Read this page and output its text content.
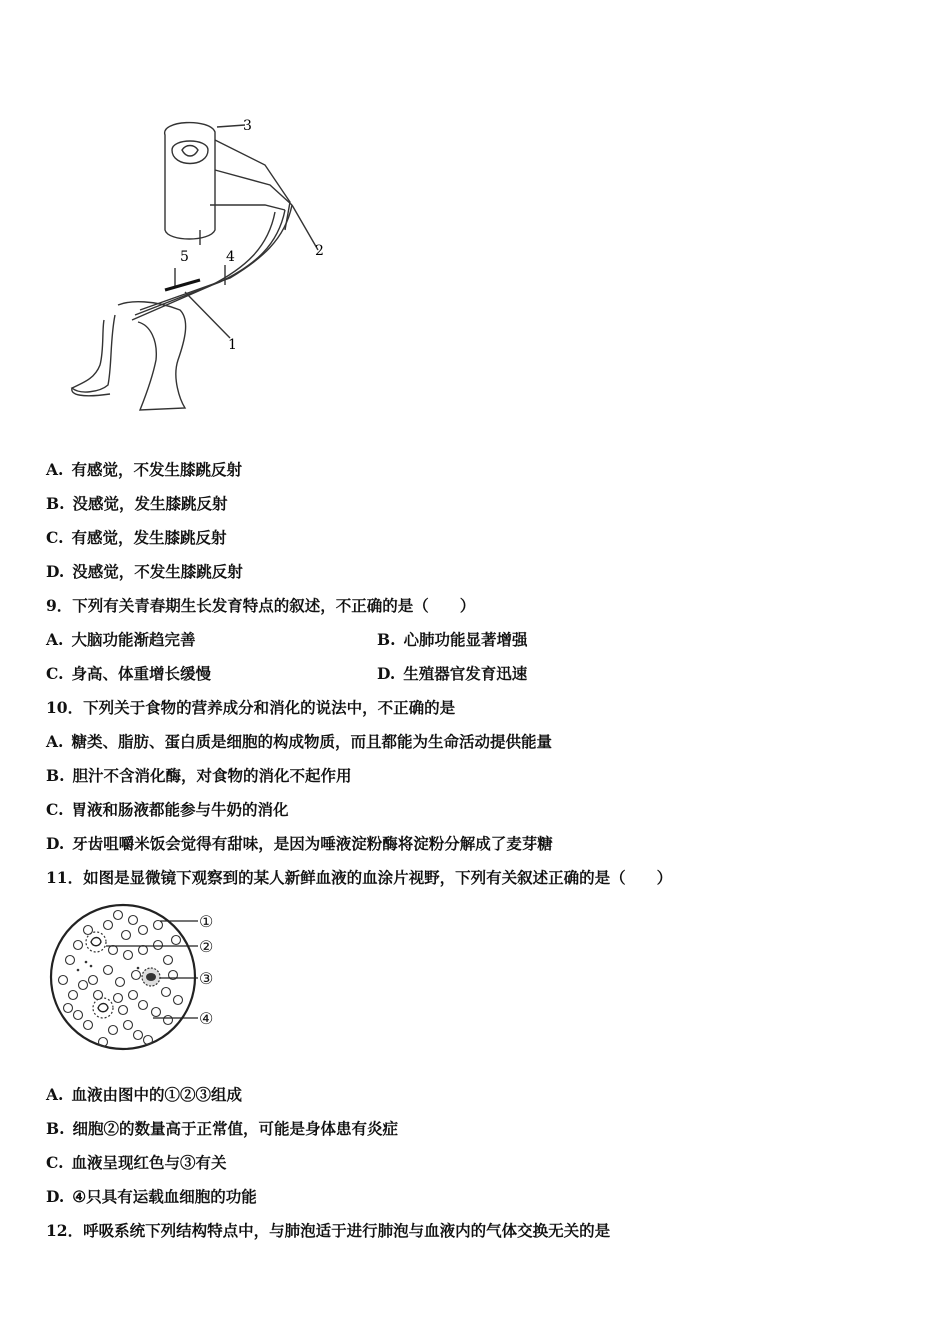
3
2
5	4
1
A. 有感觉，不发生膝跳反射
B. 没感觉，发生膝跳反射
C. 有感觉，发生膝跳反射
D. 没感觉，不发生膝跳反射
9．下列有关青春期生长发育特点的叙述，不正确的是（　　）
A. 大脑功能渐趋完善	B. 心肺功能显著增强
C. 身高、体重增长缓慢	D. 生殖器官发育迅速
10．下列关于食物的营养成分和消化的说法中，不正确的是
A. 糖类、脂肪、蛋白质是细胞的构成物质，而且都能为生命活动提供能量
B. 胆汁不含消化酶，对食物的消化不起作用
C. 胃液和肠液都能参与牛奶的消化
D. 牙齿咀嚼米饭会觉得有甜味，是因为唾液淀粉酶将淀粉分解成了麦芽糖
11．如图是显微镜下观察到的某人新鲜血液的血涂片视野，下列有关叙述正确的是（　　）
①
②
③
④
A. 血液由图中的①②③组成
B. 细胞②的数量高于正常值，可能是身体患有炎症
C. 血液呈现红色与③有关
D. ④只具有运载血细胞的功能
12．呼吸系统下列结构特点中，与肺泡适于进行肺泡与血液内的气体交换无关的是
